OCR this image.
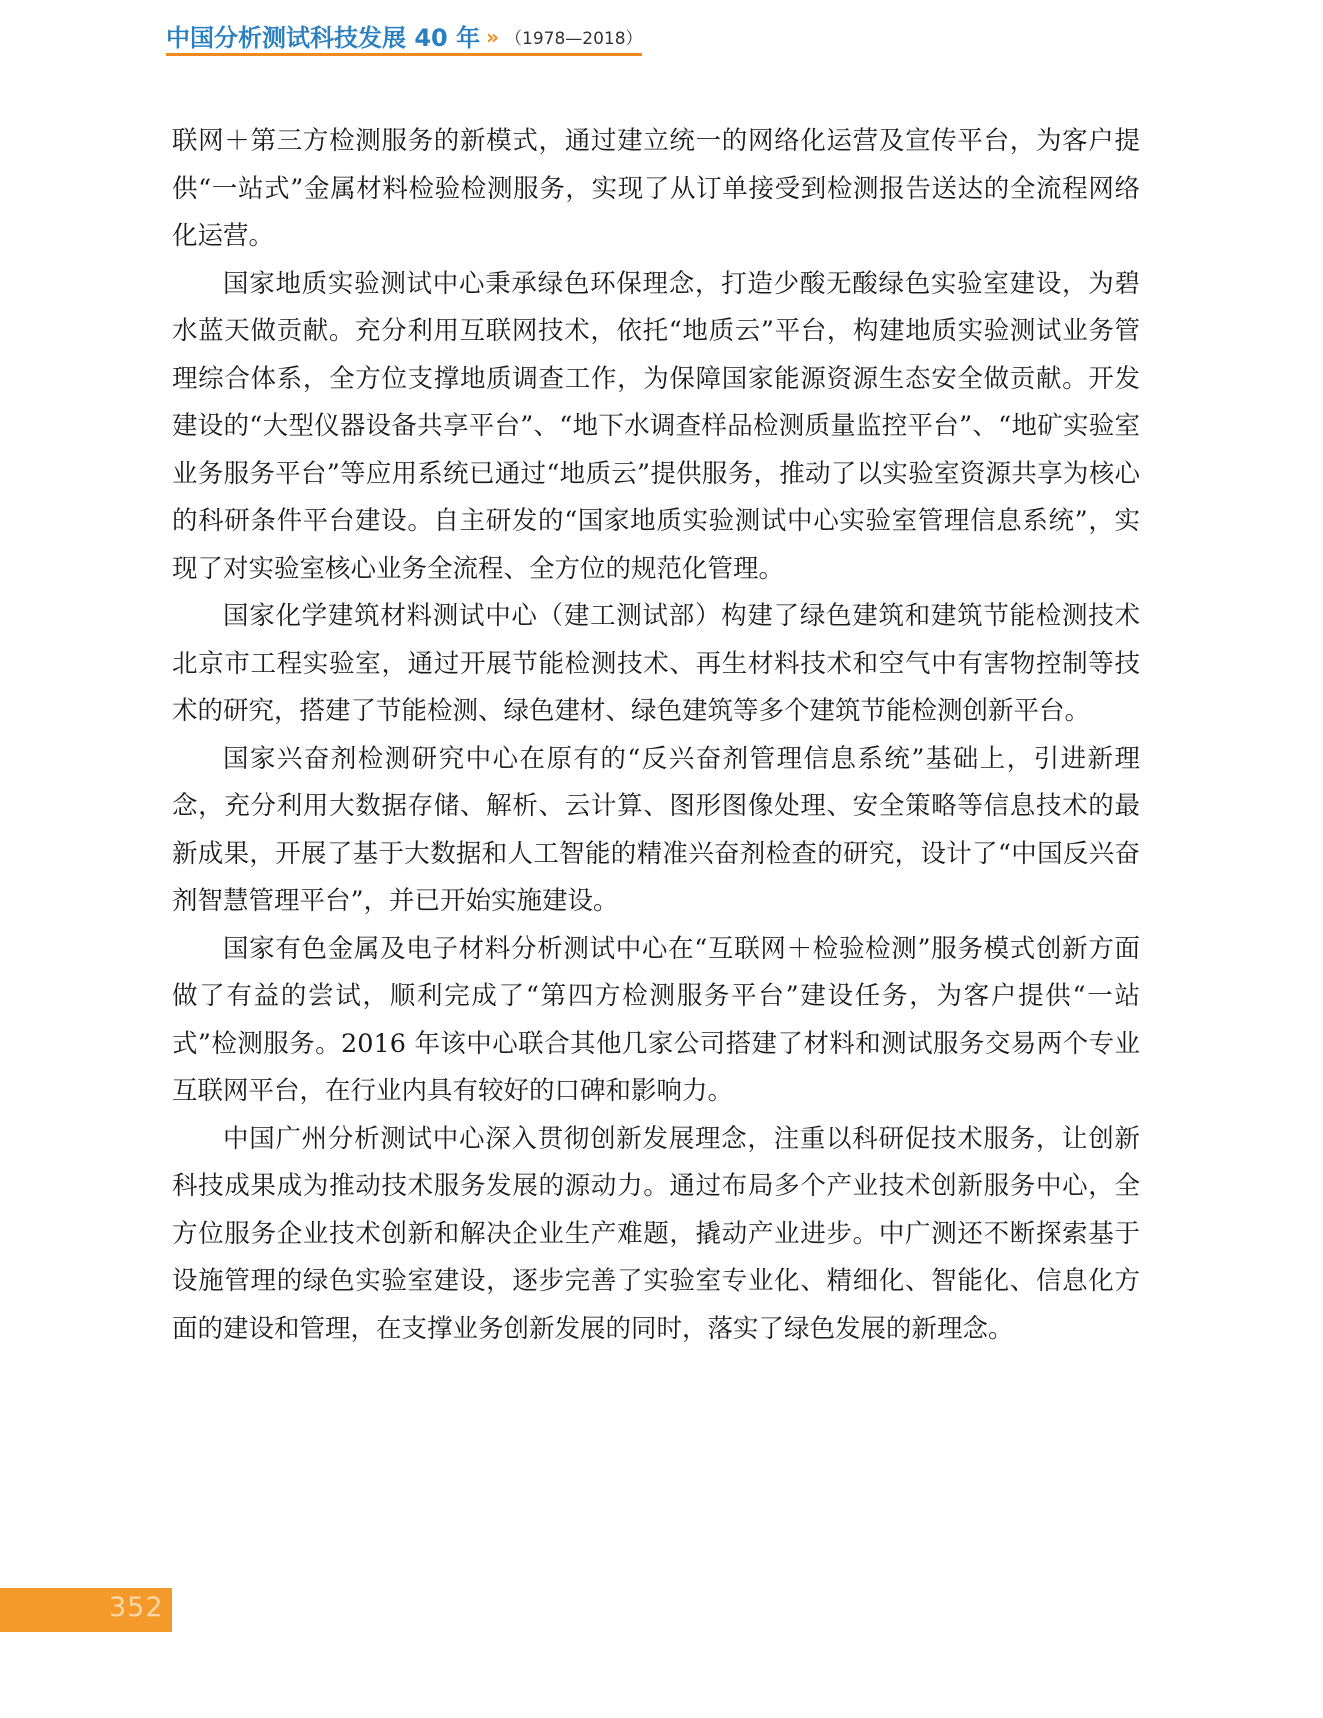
中国分析测试科技发展 40 年 » （1978—2018）

联网＋第三方检测服务的新模式，通过建立统一的网络化运营及宣传平台，为客户提供“一站式”金属材料检验检测服务，实现了从订单接受到检测报告送达的全流程网络化运营。

国家地质实验测试中心秉承绿色环保理念，打造少酸无酸绿色实验室建设，为碧水蓝天做贡献。充分利用互联网技术，依托“地质云”平台，构建地质实验测试业务管理综合体系，全方位支撑地质调查工作，为保障国家能源资源生态安全做贡献。开发建设的“大型仪器设备共享平台”、“地下水调查样品检测质量监控平台”、“地矿实验室业务服务平台”等应用系统已通过“地质云”提供服务，推动了以实验室资源共享为核心的科研条件平台建设。自主研发的“国家地质实验测试中心实验室管理信息系统”，实现了对实验室核心业务全流程、全方位的规范化管理。

国家化学建筑材料测试中心（建工测试部）构建了绿色建筑和建筑节能检测技术北京市工程实验室，通过开展节能检测技术、再生材料技术和空气中有害物控制等技术的研究，搭建了节能检测、绿色建材、绿色建筑等多个建筑节能检测创新平台。

国家兴奋剂检测研究中心在原有的“反兴奋剂管理信息系统”基础上，引进新理念，充分利用大数据存储、解析、云计算、图形图像处理、安全策略等信息技术的最新成果，开展了基于大数据和人工智能的精准兴奋剂检查的研究，设计了“中国反兴奋剂智慧管理平台”，并已开始实施建设。

国家有色金属及电子材料分析测试中心在“互联网＋检验检测”服务模式创新方面做了有益的尝试，顺利完成了“第四方检测服务平台”建设任务，为客户提供“一站式”检测服务。2016 年该中心联合其他几家公司搭建了材料和测试服务交易两个专业互联网平台，在行业内具有较好的口碑和影响力。

中国广州分析测试中心深入贯彻创新发展理念，注重以科研促技术服务，让创新科技成果成为推动技术服务发展的源动力。通过布局多个产业技术创新服务中心，全方位服务企业技术创新和解决企业生产难题，撬动产业进步。中广测还不断探索基于设施管理的绿色实验室建设，逐步完善了实验室专业化、精细化、智能化、信息化方面的建设和管理，在支撑业务创新发展的同时，落实了绿色发展的新理念。

352
